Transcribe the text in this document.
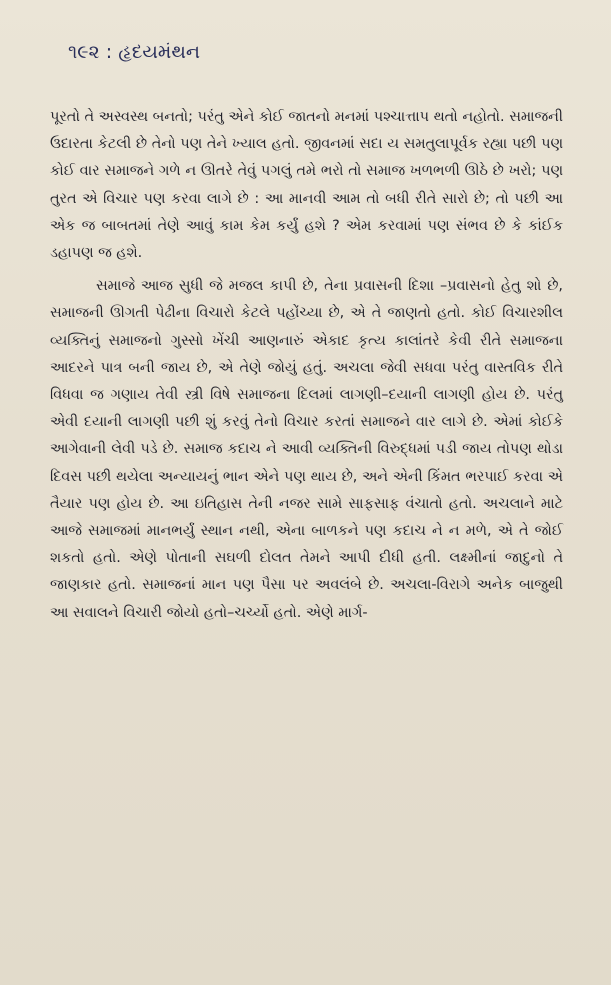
૧૯૨ : હૃદયમંથન

પૂરતો તે અસ્વસ્થ બનતો; પરંતુ એને કોઈ જાતનો મનમાં પશ્ચાત્તાપ થતો નહોતો. સમાજની ઉદારતા કેટલી છે તેનો પણ તેને ખ્યાલ હતો. જીવનમાં સદા ય સમતુલાપૂર્વક રહ્યા પછી પણ કોઈ વાર સમાજને ગળે ન ઊતરે તેવું પગલું તમે ભરો તો સમાજ ખળભળી ઊઠે છે ખરો; પણ તુરત એ વિચાર પણ કરવા લાગે છે : આ માનવી આમ તો બધી રીતે સારો છે; તો પછી આ એક જ બાબતમાં તેણે આવું કામ કેમ કર્યું હશે ? એમ કરવામાં પણ સંભવ છે કે કાંઈક ડહાપણ જ હશે.

સમાજે આજ સુધી જે મજલ કાપી છે, તેના પ્રવાસની દિશા –પ્રવાસનો હેતુ શો છે, સમાજની ઊગતી પેઢીના વિચારો કેટલે પહોંચ્યા છે, એ તે જાણતો હતો. કોઈ વિચારશીલ વ્યક્તિનું સમાજનો ગુસ્સો ખેંચી આણનારું એકાદ કૃત્ય કાલાંતરે કેવી રીતે સમાજના આદરને પાત્ર બની જાય છે, એ તેણે જોયું હતું. અચલા જેવી સધવા પરંતુ વાસ્તવિક રીતે વિધવા જ ગણાય તેવી સ્ત્રી વિષે સમાજના દિલમાં લાગણી–દયાની લાગણી હોય છે. પરંતુ એવી દયાની લાગણી પછી શું કરવું તેનો વિચાર કરતાં સમાજને વાર લાગે છે. એમાં કોઈકે આગેવાની લેવી પડે છે. સમાજ કદાચ ને આવી વ્યક્તિની વિરુદ્ધમાં પડી જાય તોપણ થોડા દિવસ પછી થયેલા અન્યાયનું ભાન એને પણ થાય છે, અને એની કિંમત ભરપાઈ કરવા એ તૈયાર પણ હોય છે. આ ઇતિહાસ તેની નજર સામે સાફસાફ વંચાતો હતો. અચલાને માટે આજે સમાજમાં માનભર્યું સ્થાન નથી, એના બાળકને પણ કદાચ ને ન મળે, એ તે જોઈ શકતો હતો. એણે પોતાની સઘળી દોલત તેમને આપી દીધી હતી. લક્ષ્મીનાં જાદુનો તે જાણકાર હતો. સમાજનાં માન પણ પૈસા પર અવલંબે છે. અચલા-વિરાગે અનેક બાજુથી આ સવાલને વિચારી જોયો હતો–ચર્ચ્યો હતો. એણે માર્ગ-
